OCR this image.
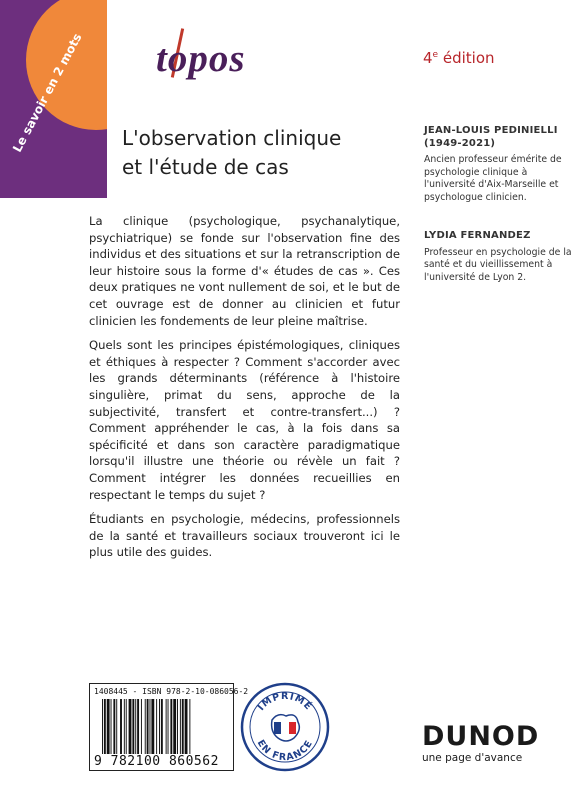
Le savoir en 2 mots Les topos	4e édition
L'observation clinique
et l'étude de cas
JEAN-LOUIS PEDINIELLI
(1949-2021)
Ancien professeur émérite de psychologie clinique à l'université d'Aix-Marseille et psychologue clinicien.
LYDIA FERNANDEZ
Professeur en psychologie de la santé et du vieillissement à l'université de Lyon 2.

La clinique (psychologique, psychanalytique, psychiatrique) se fonde sur l'observation fine des individus et des situations et sur la retranscription de leur histoire sous la forme d'« études de cas ». Ces deux pratiques ne vont nullement de soi, et le but de cet ouvrage est de donner au clinicien et futur clinicien les fondements de leur pleine maîtrise.

Quels sont les principes épistémologiques, cliniques et éthiques à respecter ? Comment s'accorder avec les grands déterminants (référence à l'histoire singulière, primat du sens, approche de la subjectivité, transfert et contre-transfert...) ? Comment appréhender le cas, à la fois dans sa spécificité et dans son caractère paradigmatique lorsqu'il illustre une théorie ou révèle un fait ? Comment intégrer les données recueillies en respectant le temps du sujet ?

Étudiants en psychologie, médecins, professionnels de la santé et travailleurs sociaux trouveront ici le plus utile des guides.

1408445 - ISBN 978-2-10-086056-2
9 782100 860562
IMPRIMÉ
EN FRANCE	DUNOD
une page d'avance
